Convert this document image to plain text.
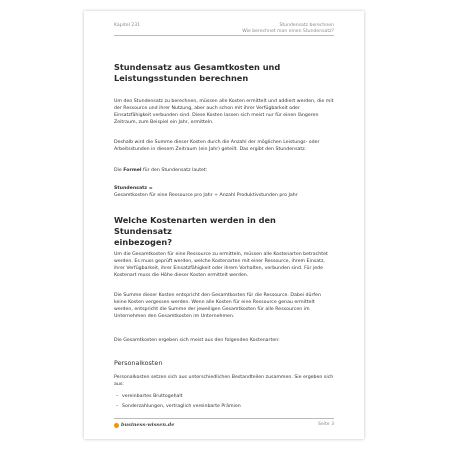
Kapitel 231	Stundensatz berechnen
Wie berechnet man einen Stundensatz?
Stundensatz aus Gesamtkosten und
Leistungsstunden berechnen

Um den Stundensatz zu berechnen, müssen alle Kosten ermittelt und addiert werden, die mit der Ressource und ihrer Nutzung, aber auch schon mit ihrer Verfügbarkeit oder Einsatzfähigkeit verbunden sind. Diese Kosten lassen sich meist nur für einen längeren Zeitraum, zum Beispiel ein Jahr, ermitteln.

Deshalb wird die Summe dieser Kosten durch die Anzahl der möglichen Leistungs- oder Arbeitsstunden in diesem Zeitraum (ein Jahr) geteilt. Das ergibt den Stundensatz.

Die Formel für den Stundensatz lautet:

Stundensatz =

Gesamtkosten für eine Ressource pro Jahr ÷ Anzahl Produktivstunden pro Jahr

Welche Kostenarten werden in den Stundensatz
einbezogen?

Um die Gesamtkosten für eine Ressource zu ermitteln, müssen alle Kostenarten betrachtet werden. Es muss geprüft werden, welche Kostenarten mit einer Ressource, ihrem Einsatz, ihrer Verfügbarkeit, ihrer Einsatzfähigkeit oder ihrem Vorhalten, verbunden sind. Für jede Kostenart muss die Höhe dieser Kosten ermittelt werden.

Die Summe dieser Kosten entspricht den Gesamtkosten für die Ressource. Dabei dürfen keine Kosten vergessen werden. Wenn alle Kosten für eine Ressource genau ermittelt werden, entspricht die Summe der jeweiligen Gesamtkosten für alle Ressourcen im Unternehmen den Gesamtkosten im Unternehmen.

Die Gesamtkosten ergeben sich meist aus den folgenden Kostenarten:

Personalkosten

Personalkosten setzen sich aus unterschiedlichen Bestandteilen zusammen. Sie ergeben sich aus:

– vereinbartes Bruttogehalt
– Sonderzahlungen, vertraglich vereinbarte Prämien
business-wissen.de	Seite 3
